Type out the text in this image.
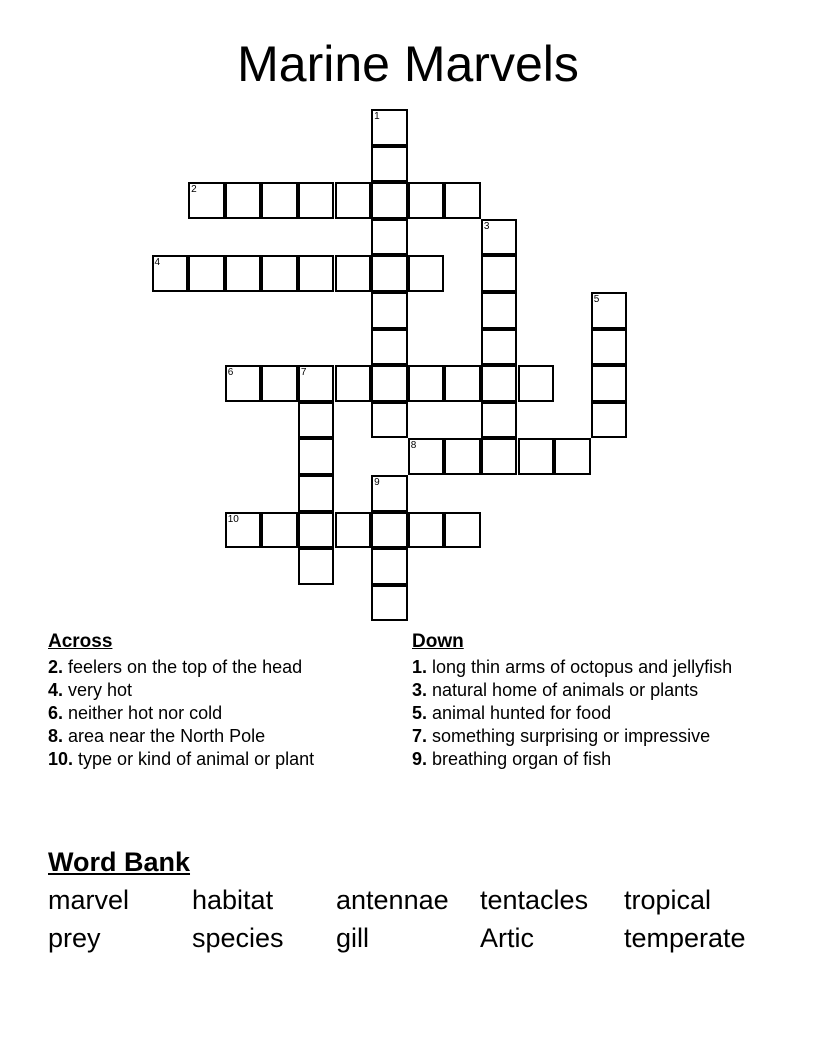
Marine Marvels
1
2
3
4
5
6	7
8
9
10
Across
2. feelers on the top of the head
4. very hot
6. neither hot nor cold
8. area near the North Pole
10. type or kind of animal or plant
Down
1. long thin arms of octopus and jellyfish
3. natural home of animals or plants
5. animal hunted for food
7. something surprising or impressive
9. breathing organ of fish
Word Bank
marvel	habitat	antennae	tentacles	tropical
prey	species	gill	Artic	temperate
